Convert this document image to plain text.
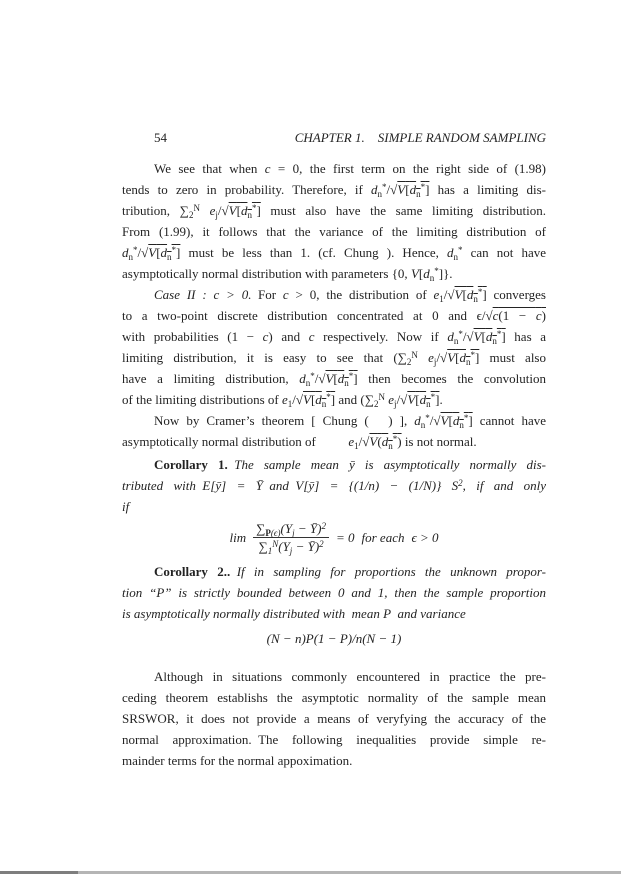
54	CHAPTER 1. SIMPLE RANDOM SAMPLING
We see that when c = 0, the first term on the right side of (1.98)
tends to zero in probability. Therefore, if $d_n^*/√V[d_n^*]$ has a limiting dis-
tribution, $\sum_2^N$ $e_j/√V[d_n^*]$ must also have the same limiting distribution.
From (1.99), it follows that the variance of the limiting distribution of
$d_n^*/√V[d_n^*]$ must be less than 1. (cf. Chung ). Hence, $d_n^*$ can not have
asymptotically normal distribution with parameters {0, $V[d_n^*]$}.
Case II : c > 0. For c > 0, the distribution of $e_1/√V[d_n^*]$ converges
to a two-point discrete distribution concentrated at 0 and ϵ/√c(1 − c)
with probabilities (1 − c) and c respectively. Now if $d_n^*/√V[d_n^*]$ has a
limiting distribution, it is easy to see that ($\sum_2^N$ $e_j/√V[d_n^*]$ must also
have a limiting distribution, $d_n^*/√V[d_n^*]$ then becomes the convolution
of the limiting distributions of $e_1/√V[d_n^*]$ and ($\sum_2^N$ $e_j/√V[d_n^*]$.
Now by Cramer’s theorem [ Chung (  ) ], $d_n^*/√V[d_n^*]$ cannot have
asymptotically normal distribution of   $e_1/√V(d_n^*)$ is not normal.
Corollary 1. The sample mean ȳ is asymptotically normally dis-
tributed with E[ȳ] = Ȳ and V[ȳ] = {(1/n) − (1/N)} $S^2$, if and only
if
$\lim \frac{\sum_{P(\epsilon)}(Y_j - Ȳ)^2}{\sum_1^N(Y_j - Ȳ)^2} = 0$ for each ϵ > 0
Corollary 2.. If in sampling for proportions the unknown propor-
tion “P” is strictly bounded between 0 and 1, then the sample proportion
is asymptotically normally distributed with mean P and variance
(N − n)P(1 − P)/n(N − 1)
Although in situations commonly encountered in practice the pre-
ceding theorem establishs the asymptotic normality of the sample mean
SRSWOR, it does not provide a means of veryfying the accuracy of the
normal approximation. The following inequalities provide simple re-
mainder terms for the normal appoximation.
